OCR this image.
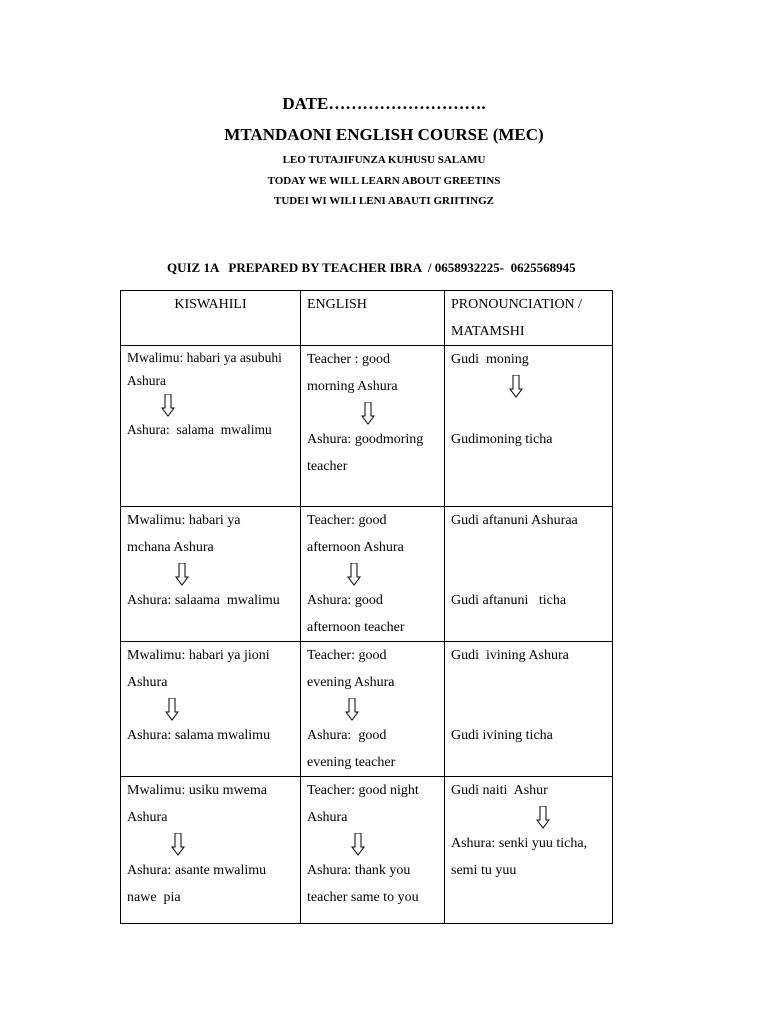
DATE……………………….
MTANDAONI ENGLISH COURSE (MEC)
LEO TUTAJIFUNZA KUHUSU SALAMU
TODAY WE WILL LEARN ABOUT GREETINS
TUDEI WI WILI LENI ABAUTI GRIITINGZ
QUIZ 1A   PREPARED BY TEACHER IBRA  / 0658932225-  0625568945
KISWAHILI	ENGLISH	PRONOUNCIATION /
MATAMSHI

Mwalimu: habari ya asubuhi
Ashura
Ashura:  salama  mwalimu	Teacher : good
morning Ashura
Ashura: goodmoring
teacher	Gudi  moning

Gudimoning ticha

Mwalimu: habari ya
mchana Ashura
Ashura: salaama  mwalimu	Teacher: good
afternoon Ashura
Ashura: good
afternoon teacher	Gudi aftanuni Ashuraa

Gudi aftanuni   ticha

Mwalimu: habari ya jioni
Ashura
Ashura: salama mwalimu	Teacher: good
evening Ashura
Ashura:  good
evening teacher	Gudi  ivining Ashura

Gudi ivining ticha

Mwalimu: usiku mwema
Ashura
Ashura: asante mwalimu
nawe  pia	Teacher: good night
Ashura
Ashura: thank you
teacher same to you	Gudi naiti  Ashur
Ashura: senki yuu ticha,
semi tu yuu
